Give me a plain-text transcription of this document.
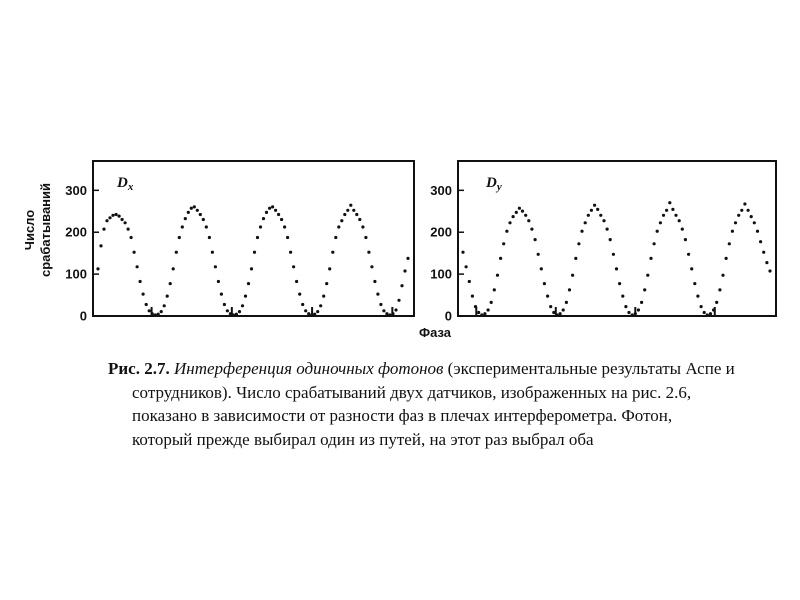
Число срабатываний	$D_x$
0
100
200
300	$D_y$
0
100
200
300
Фаза
Рис. 2.7. Интерференция одиночных фотонов (экспериментальные результаты Аспе и
сотрудников). Число срабатываний двух датчиков, изображенных на рис. 2.6,
показано в зависимости от разности фаз в плечах интерферометра. Фотон,
который прежде выбирал один из путей, на этот раз выбрал оба
